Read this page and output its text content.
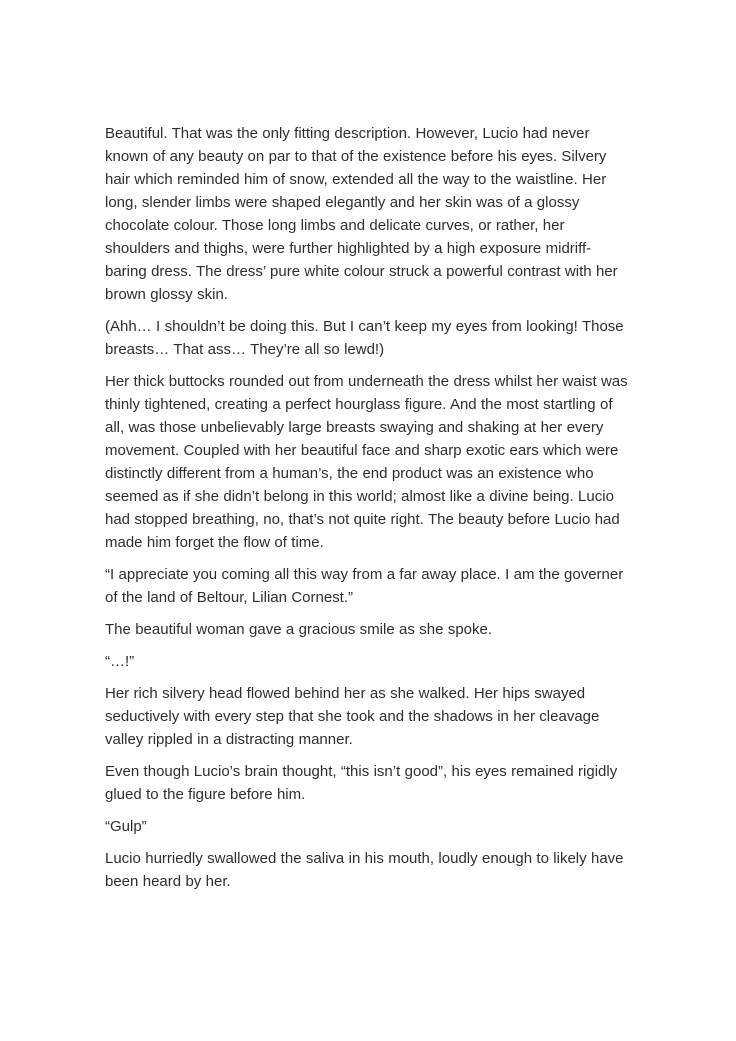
Beautiful. That was the only fitting description. However, Lucio had never known of any beauty on par to that of the existence before his eyes. Silvery hair which reminded him of snow, extended all the way to the waistline. Her long, slender limbs were shaped elegantly and her skin was of a glossy chocolate colour. Those long limbs and delicate curves, or rather, her shoulders and thighs, were further highlighted by a high exposure midriff-baring dress. The dress’ pure white colour struck a powerful contrast with her brown glossy skin.

(Ahh… I shouldn’t be doing this. But I can’t keep my eyes from looking! Those breasts… That ass… They’re all so lewd!)

Her thick buttocks rounded out from underneath the dress whilst her waist was thinly tightened, creating a perfect hourglass figure. And the most startling of all, was those unbelievably large breasts swaying and shaking at her every movement. Coupled with her beautiful face and sharp exotic ears which were distinctly different from a human’s, the end product was an existence who seemed as if she didn’t belong in this world; almost like a divine being. Lucio had stopped breathing, no, that’s not quite right. The beauty before Lucio had made him forget the flow of time.

“I appreciate you coming all this way from a far away place. I am the governer of the land of Beltour, Lilian Cornest.”

The beautiful woman gave a gracious smile as she spoke.

“…!”

Her rich silvery head flowed behind her as she walked. Her hips swayed seductively with every step that she took and the shadows in her cleavage valley rippled in a distracting manner.

Even though Lucio’s brain thought, “this isn’t good”, his eyes remained rigidly glued to the figure before him.

“Gulp”

Lucio hurriedly swallowed the saliva in his mouth, loudly enough to likely have been heard by her.
